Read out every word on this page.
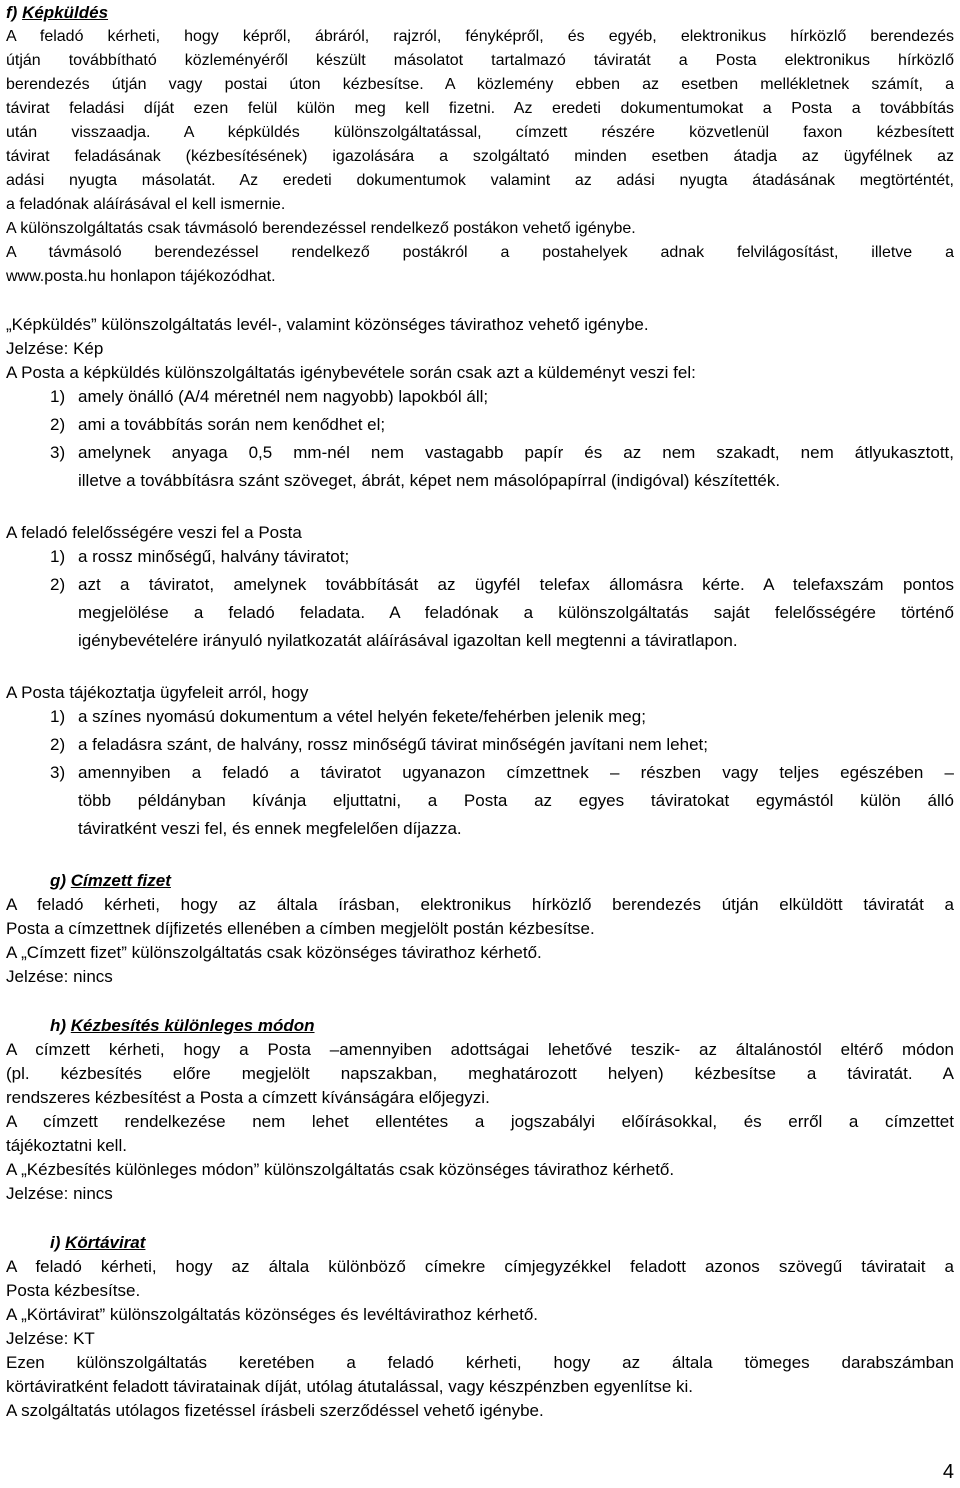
f) Képküldés
A feladó kérheti, hogy képről, ábráról, rajzról, fényképről, és egyéb, elektronikus hírközlő berendezés
útján továbbítható közleményéről készült másolatot tartalmazó táviratát a Posta elektronikus hírközlő
berendezés útján vagy postai úton kézbesítse. A közlemény ebben az esetben mellékletnek számít, a
távirat feladási díját ezen felül külön meg kell fizetni. Az eredeti dokumentumokat a Posta a továbbítás
után visszaadja. A képküldés különszolgáltatással, címzett részére közvetlenül faxon kézbesített
távirat feladásának (kézbesítésének) igazolására a szolgáltató minden esetben átadja az ügyfélnek az
adási nyugta másolatát. Az eredeti dokumentumok valamint az adási nyugta átadásának megtörténtét,
a feladónak aláírásával el kell ismernie.
A különszolgáltatás csak távmásoló berendezéssel rendelkező postákon vehető igénybe.
A távmásoló berendezéssel rendelkező postákról a postahelyek adnak felvilágosítást, illetve a
www.posta.hu honlapon tájékozódhat.
„Képküldés” különszolgáltatás levél-, valamint közönséges távirathoz vehető igénybe.
Jelzése: Kép
A Posta a képküldés különszolgáltatás igénybevétele során csak azt a küldeményt veszi fel:
1) amely önálló (A/4 méretnél nem nagyobb) lapokból áll;
2) ami a továbbítás során nem kenődhet el;
3) amelynek anyaga 0,5 mm-nél nem vastagabb papír és az nem szakadt, nem átlyukasztott,
illetve a továbbításra szánt szöveget, ábrát, képet nem másolópapírral (indigóval) készítették.
A feladó felelősségére veszi fel a Posta
1) a rossz minőségű, halvány táviratot;
2) azt a táviratot, amelynek továbbítását az ügyfél telefax állomásra kérte. A telefaxszám pontos
megjelölése a feladó feladata. A feladónak a különszolgáltatás saját felelősségére történő
igénybevételére irányuló nyilatkozatát aláírásával igazoltan kell megtenni a táviratlapon.
A Posta tájékoztatja ügyfeleit arról, hogy
1) a színes nyomású dokumentum a vétel helyén fekete/fehérben jelenik meg;
2) a feladásra szánt, de halvány, rossz minőségű távirat minőségén javítani nem lehet;
3) amennyiben a feladó a táviratot ugyanazon címzettnek – részben vagy teljes egészében –
több példányban kívánja eljuttatni, a Posta az egyes táviratokat egymástól külön álló
táviratként veszi fel, és ennek megfelelően díjazza.
g) Címzett fizet
A feladó kérheti, hogy az általa írásban, elektronikus hírközlő berendezés útján elküldött táviratát a
Posta a címzettnek díjfizetés ellenében a címben megjelölt postán kézbesítse.
A „Címzett fizet” különszolgáltatás csak közönséges távirathoz kérhető.
Jelzése: nincs
h) Kézbesítés különleges módon
A címzett kérheti, hogy a Posta –amennyiben adottságai lehetővé teszik- az általánostól eltérő módon
(pl. kézbesítés előre megjelölt napszakban, meghatározott helyen) kézbesítse a táviratát. A
rendszeres kézbesítést a Posta a címzett kívánságára előjegyzi.
A címzett rendelkezése nem lehet ellentétes a jogszabályi előírásokkal, és erről a címzettet
tájékoztatni kell.
A „Kézbesítés különleges módon” különszolgáltatás csak közönséges távirathoz kérhető.
Jelzése: nincs
i) Körtávirat
A feladó kérheti, hogy az általa különböző címekre címjegyzékkel feladott azonos szövegű táviratait a
Posta kézbesítse.
A „Körtávirat” különszolgáltatás közönséges és levéltávirathoz kérhető.
Jelzése: KT
Ezen különszolgáltatás keretében a feladó kérheti, hogy az általa tömeges darabszámban
körtáviratként feladott táviratainak díját, utólag átutalással, vagy készpénzben egyenlítse ki.
A szolgáltatás utólagos fizetéssel írásbeli szerződéssel vehető igénybe.
4
